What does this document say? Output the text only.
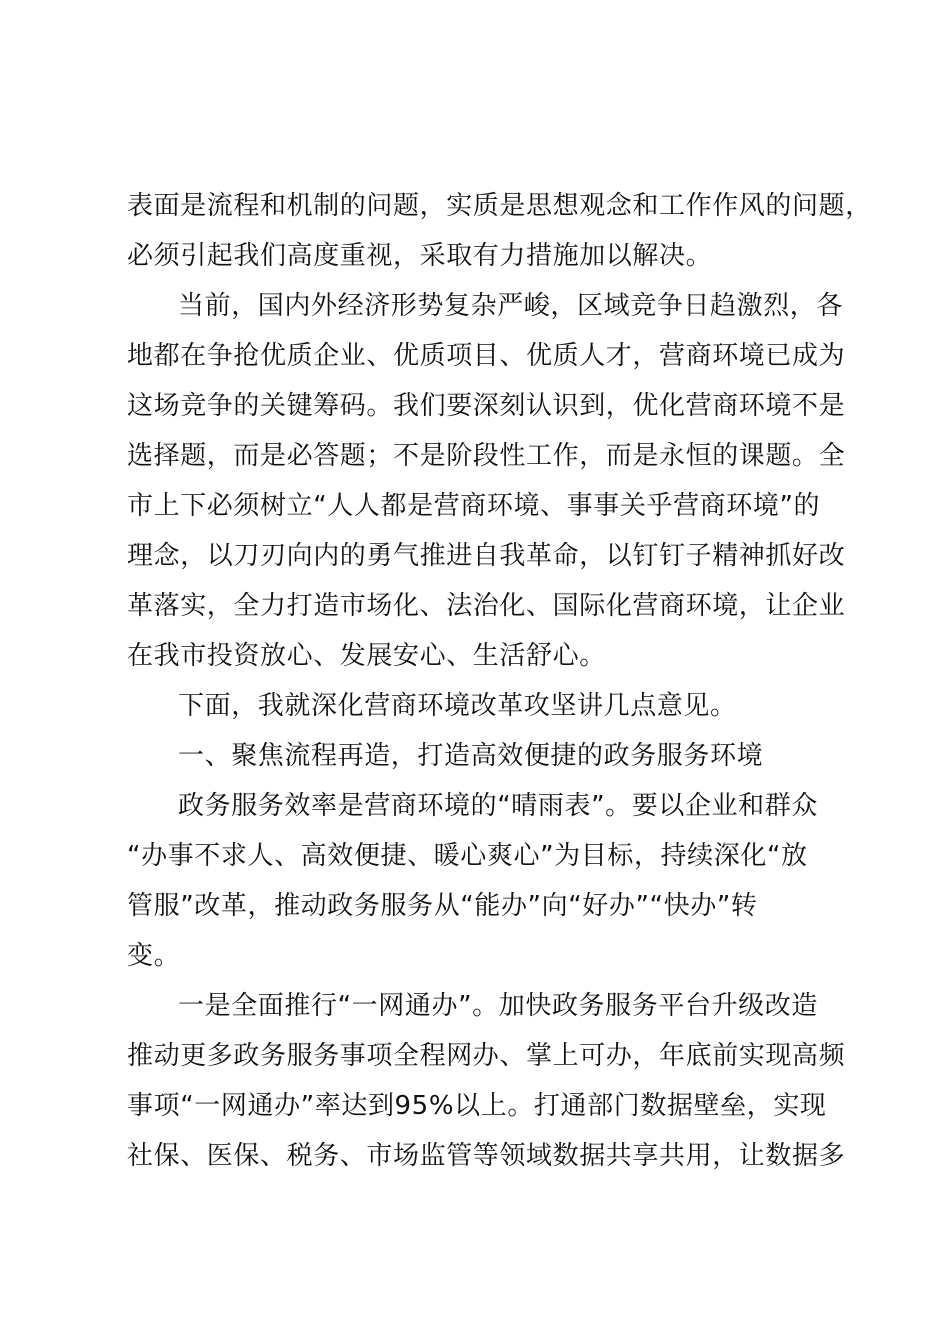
表面是流程和机制的问题，实质是思想观念和工作作风的问题，
必须引起我们高度重视，采取有力措施加以解决。
当前，国内外经济形势复杂严峻，区域竞争日趋激烈，各
地都在争抢优质企业、优质项目、优质人才，营商环境已成为
这场竞争的关键筹码。我们要深刻认识到，优化营商环境不是
选择题，而是必答题；不是阶段性工作，而是永恒的课题。全
市上下必须树立“人人都是营商环境、事事关乎营商环境”的
理念，以刀刃向内的勇气推进自我革命，以钉钉子精神抓好改
革落实，全力打造市场化、法治化、国际化营商环境，让企业
在我市投资放心、发展安心、生活舒心。
下面，我就深化营商环境改革攻坚讲几点意见。
一、聚焦流程再造，打造高效便捷的政务服务环境
政务服务效率是营商环境的“晴雨表”。要以企业和群众
“办事不求人、高效便捷、暖心爽心”为目标，持续深化“放
管服”改革，推动政务服务从“能办”向“好办”“快办”转
变。
一是全面推行“一网通办”。加快政务服务平台升级改造
推动更多政务服务事项全程网办、掌上可办，年底前实现高频
事项“一网通办”率达到95%以上。打通部门数据壁垒，实现
社保、医保、税务、市场监管等领域数据共享共用，让数据多
